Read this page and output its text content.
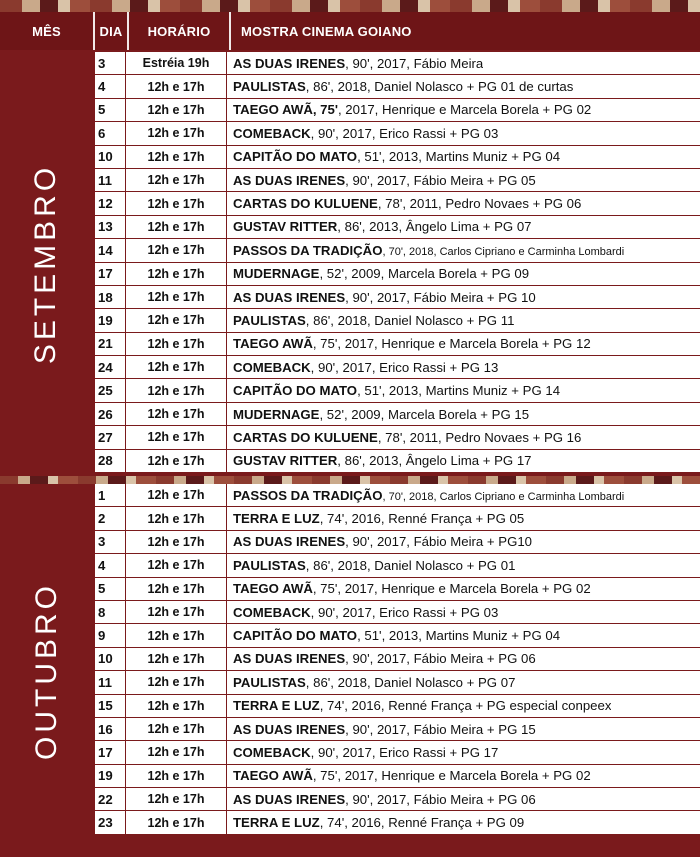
MÊS	DIA	HORÁRIO	MOSTRA CINEMA GOIANO
SETEMBRO
3	Estréia 19h	AS DUAS IRENES, 90', 2017, Fábio Meira
4	12h e 17h	PAULISTAS, 86', 2018, Daniel Nolasco + PG 01 de curtas
5	12h e 17h	TAEGO AWÃ, 75', 2017, Henrique e Marcela Borela + PG 02
6	12h e 17h	COMEBACK, 90', 2017, Erico Rassi + PG 03
10	12h e 17h	CAPITÃO DO MATO, 51', 2013, Martins Muniz + PG 04
11	12h e 17h	AS DUAS IRENES, 90', 2017, Fábio Meira + PG 05
12	12h e 17h	CARTAS DO KULUENE, 78', 2011, Pedro Novaes + PG 06
13	12h e 17h	GUSTAV RITTER, 86', 2013, Ângelo Lima + PG 07
14	12h e 17h	PASSOS DA TRADIÇÃO, 70', 2018, Carlos Cipriano e Carminha Lombardi
17	12h e 17h	MUDERNAGE, 52', 2009, Marcela Borela + PG 09
18	12h e 17h	AS DUAS IRENES, 90', 2017, Fábio Meira + PG 10
19	12h e 17h	PAULISTAS, 86', 2018, Daniel Nolasco + PG 11
21	12h e 17h	TAEGO AWÃ, 75', 2017, Henrique e Marcela Borela + PG 12
24	12h e 17h	COMEBACK, 90', 2017, Erico Rassi + PG 13
25	12h e 17h	CAPITÃO DO MATO, 51', 2013, Martins Muniz + PG 14
26	12h e 17h	MUDERNAGE, 52', 2009, Marcela Borela + PG 15
27	12h e 17h	CARTAS DO KULUENE, 78', 2011, Pedro Novaes + PG 16
28	12h e 17h	GUSTAV RITTER, 86', 2013, Ângelo Lima + PG 17
OUTUBRO
1	12h e 17h	PASSOS DA TRADIÇÃO, 70', 2018, Carlos Cipriano e Carminha Lombardi
2	12h e 17h	TERRA E LUZ, 74', 2016, Renné França + PG 05
3	12h e 17h	AS DUAS IRENES, 90', 2017, Fábio Meira + PG10
4	12h e 17h	PAULISTAS, 86', 2018, Daniel Nolasco + PG 01
5	12h e 17h	TAEGO AWÃ, 75', 2017, Henrique e Marcela Borela + PG 02
8	12h e 17h	COMEBACK, 90', 2017, Erico Rassi + PG 03
9	12h e 17h	CAPITÃO DO MATO, 51', 2013, Martins Muniz + PG 04
10	12h e 17h	AS DUAS IRENES, 90', 2017, Fábio Meira + PG 06
11	12h e 17h	PAULISTAS, 86', 2018, Daniel Nolasco + PG 07
15	12h e 17h	TERRA E LUZ, 74', 2016, Renné França + PG especial conpeex
16	12h e 17h	AS DUAS IRENES, 90', 2017, Fábio Meira + PG 15
17	12h e 17h	COMEBACK, 90', 2017, Erico Rassi + PG 17
19	12h e 17h	TAEGO AWÃ, 75', 2017, Henrique e Marcela Borela + PG 02
22	12h e 17h	AS DUAS IRENES, 90', 2017, Fábio Meira + PG 06
23	12h e 17h	TERRA E LUZ, 74', 2016, Renné França + PG 09
